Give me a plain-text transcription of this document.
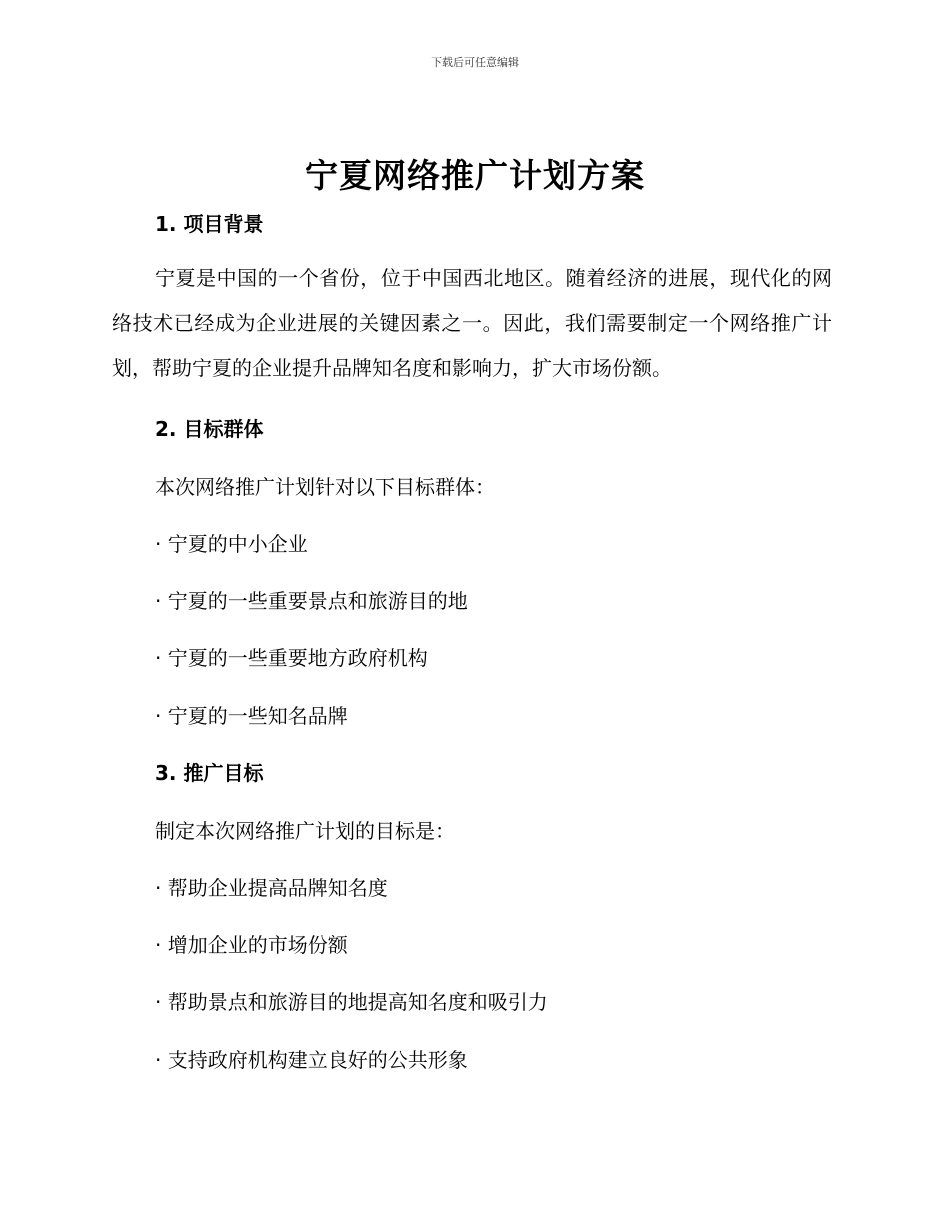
下载后可任意编辑
宁夏网络推广计划方案
1. 项目背景
宁夏是中国的一个省份，位于中国西北地区。随着经济的进展，现代化的网络技术已经成为企业进展的关键因素之一。因此，我们需要制定一个网络推广计划，帮助宁夏的企业提升品牌知名度和影响力，扩大市场份额。
2. 目标群体
本次网络推广计划针对以下目标群体：
· 宁夏的中小企业
· 宁夏的一些重要景点和旅游目的地
· 宁夏的一些重要地方政府机构
· 宁夏的一些知名品牌
3. 推广目标
制定本次网络推广计划的目标是：
· 帮助企业提高品牌知名度
· 增加企业的市场份额
· 帮助景点和旅游目的地提高知名度和吸引力
· 支持政府机构建立良好的公共形象
